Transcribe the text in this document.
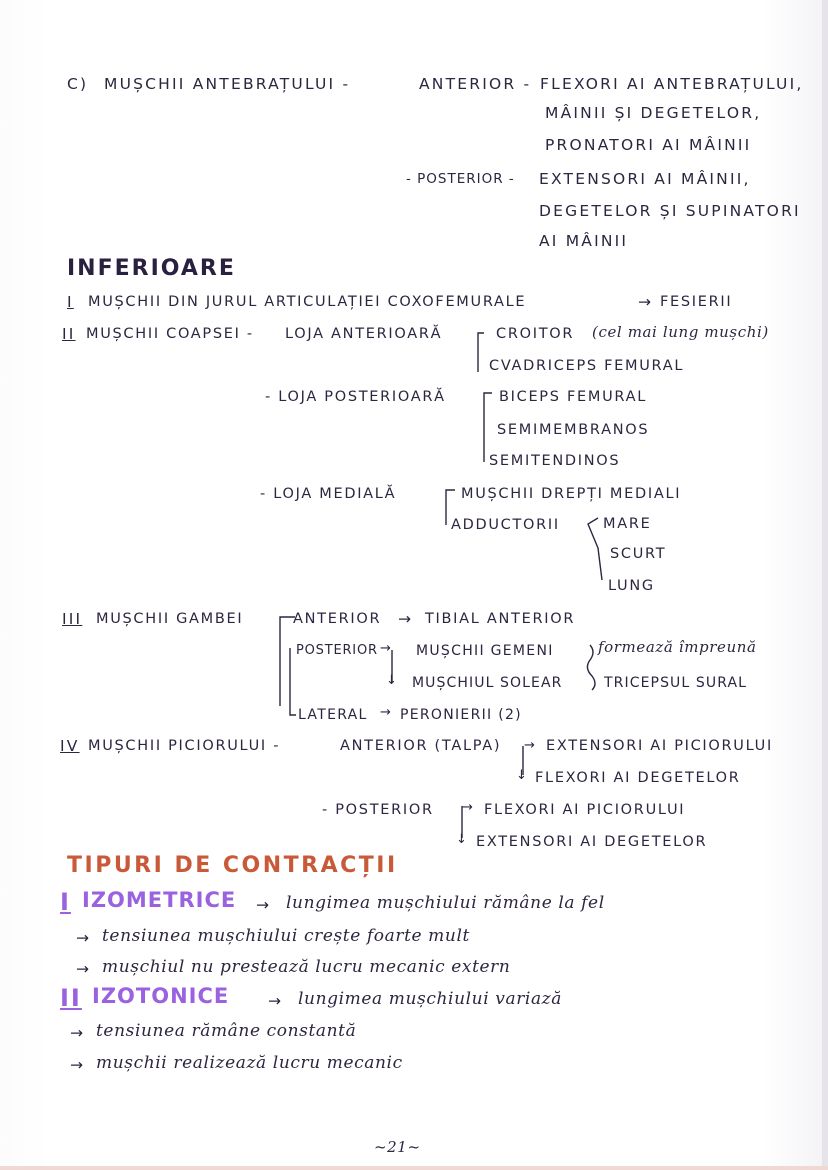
C) MUȘCHII ANTEBRAȚULUI -	ANTERIOR - FLEXORI AI ANTEBRAȚULUI,
MÂINII ȘI DEGETELOR,
PRONATORI AI MÂINII
- POSTERIOR - EXTENSORI AI MÂINII,
DEGETELOR ȘI SUPINATORI
AI MÂINII
INFERIOARE
I MUȘCHII DIN JURUL ARTICULAȚIEI COXOFEMURALE	→ FESIERII
II MUȘCHII COAPSEI - LOJA ANTERIOARĂ	CROITOR (cel mai lung mușchi)
CVADRICEPS FEMURAL
- LOJA POSTERIOARĂ	BICEPS FEMURAL
SEMIMEMBRANOS
SEMITENDINOS
- LOJA MEDIALĂ	MUȘCHII DREPȚI MEDIALI
ADDUCTORII	MARE
SCURT
LUNG
III MUȘCHII GAMBEI	ANTERIOR → TIBIAL ANTERIOR
POSTERIOR → MUȘCHII GEMENI	formează împreună
↓ MUȘCHIUL SOLEAR	TRICEPSUL SURAL
LATERAL → PERONIERII (2)
IV MUȘCHII PICIORULUI -	ANTERIOR (TALPA) → EXTENSORI AI PICIORULUI
↓ FLEXORI AI DEGETELOR
- POSTERIOR → FLEXORI AI PICIORULUI
↓ EXTENSORI AI DEGETELOR
TIPURI DE CONTRACȚII
I IZOMETRICE → lungimea mușchiului rămâne la fel
→ tensiunea mușchiului crește foarte mult
→ mușchiul nu prestează lucru mecanic extern
II IZOTONICE	→ lungimea mușchiului variază
→ tensiunea rămâne constantă
→ mușchii realizează lucru mecanic
~21~
